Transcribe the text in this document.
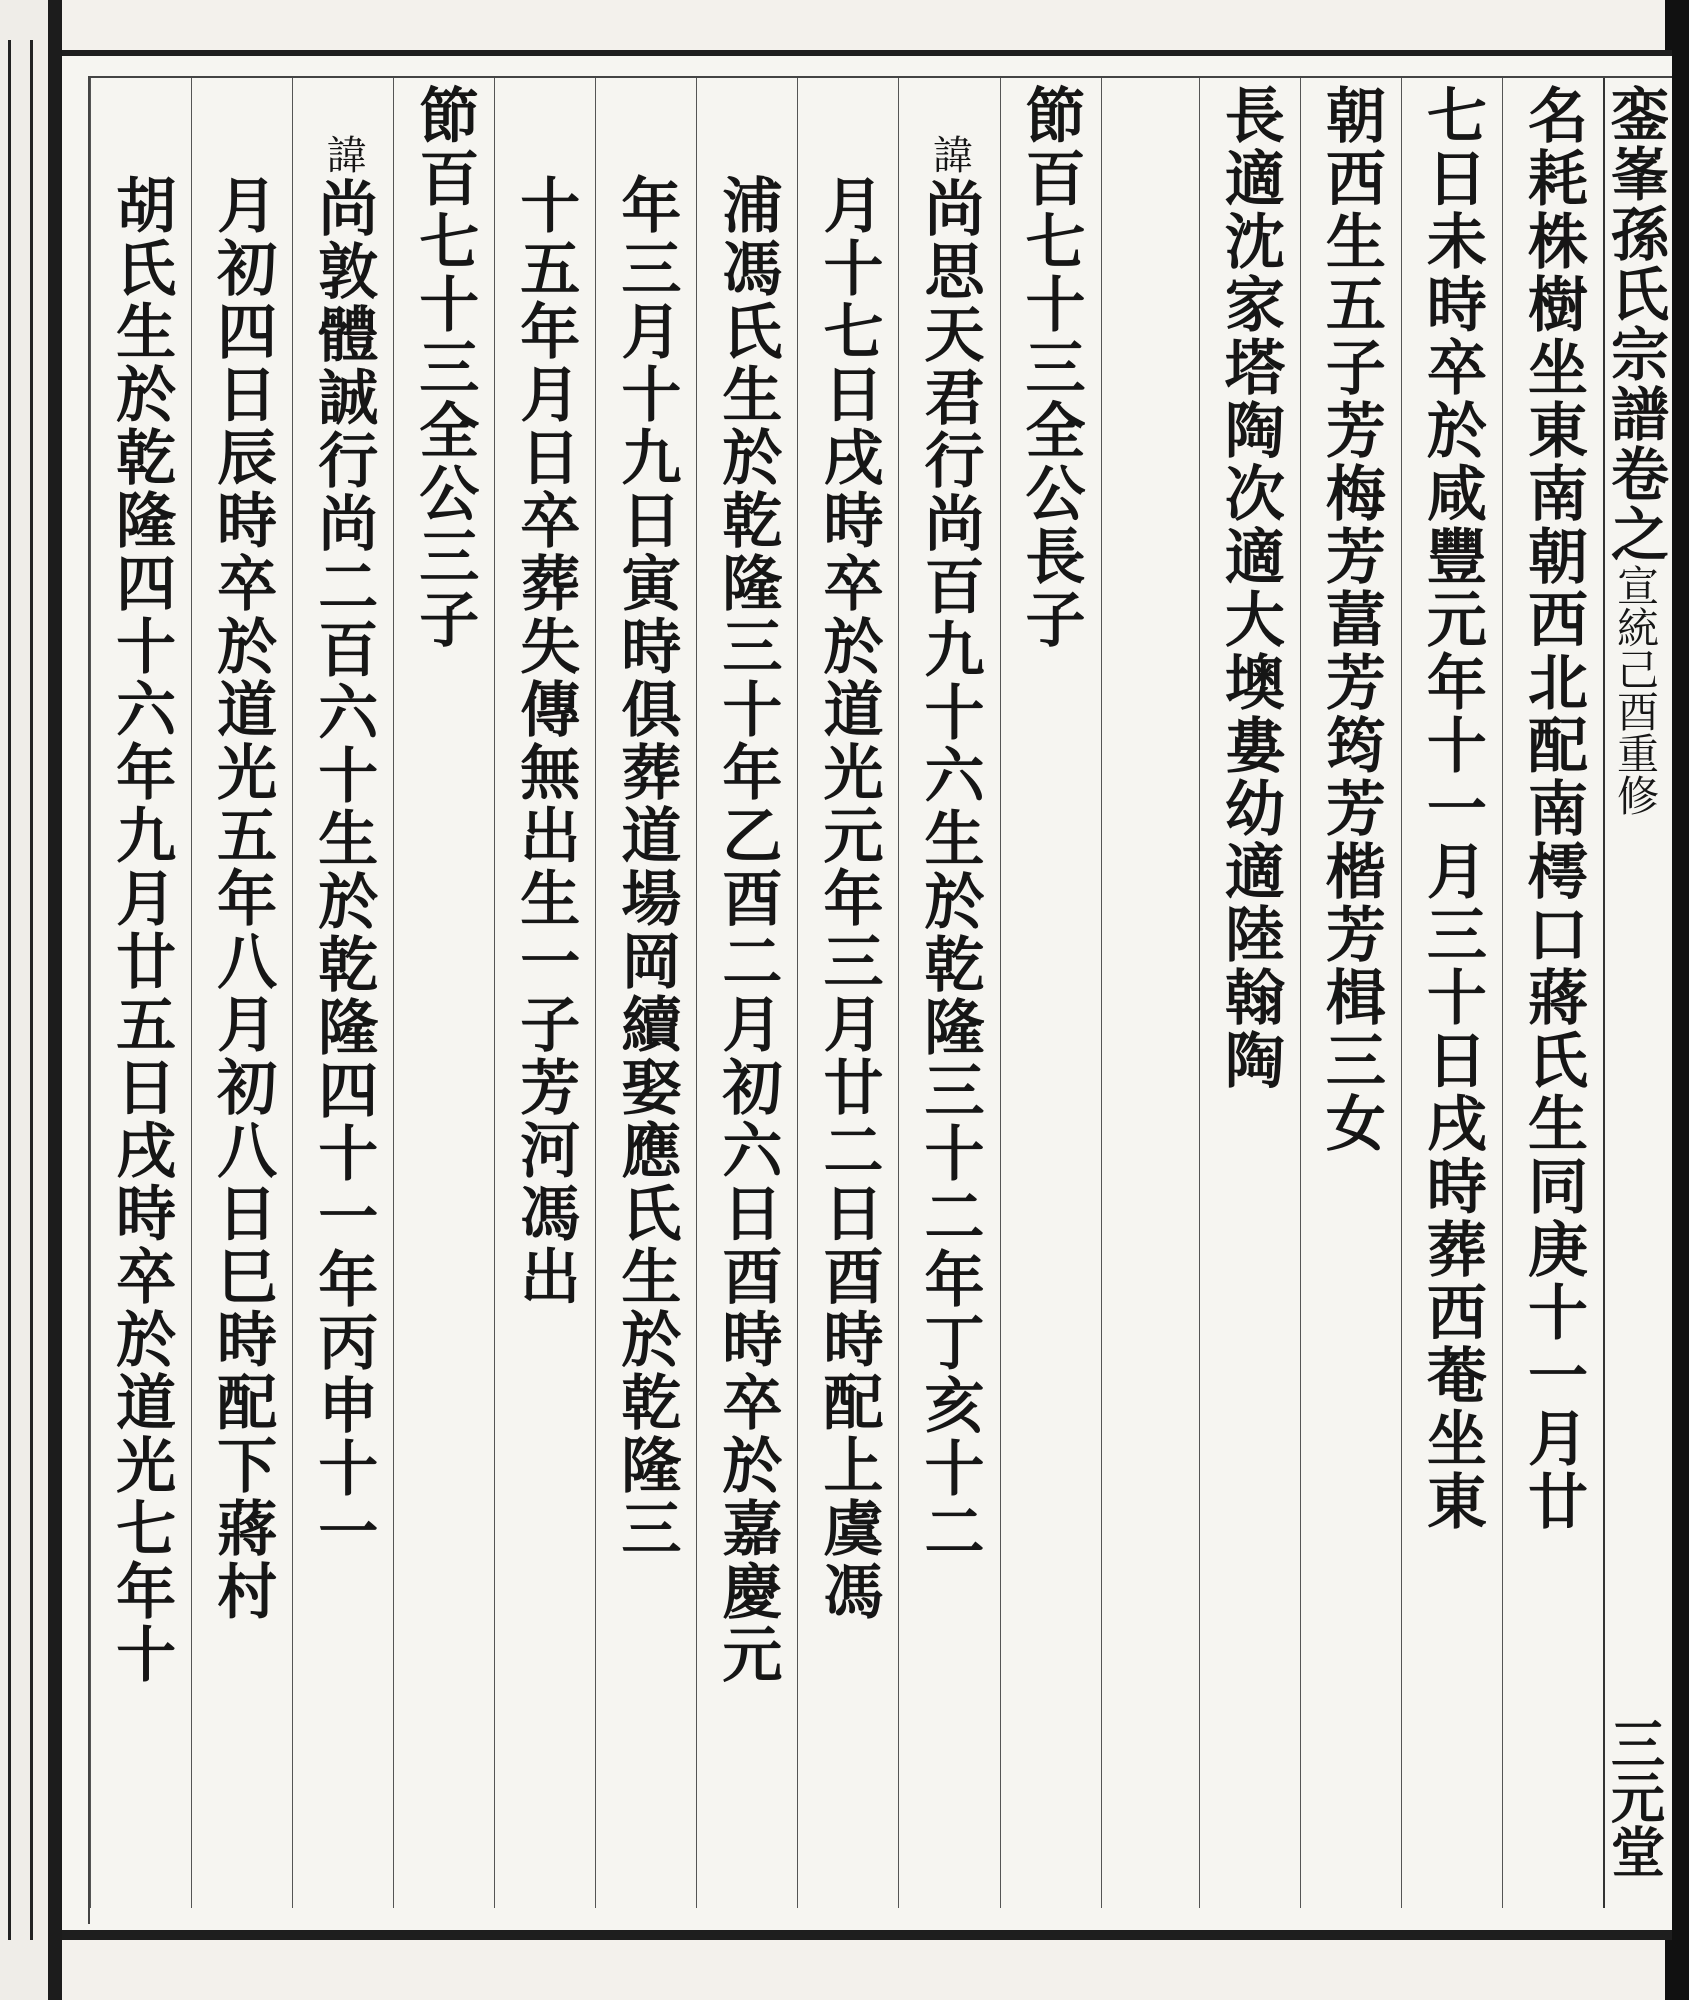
銮峯孫氏宗譜
卷之
宣統己酉重修
三元堂
名耗株樹坐東南朝西北配南樗口蔣氏生同庚十一月廿
七日未時卒於咸豐元年十一月三十日戌時葬西菴坐東
朝西生五子芳梅芳葍芳筠芳楷芳楫三女
長適沈家塔陶次適大墺婁幼適陸翰陶
節百七十三全公長子
諱
尚思天君行尚百九十六生於乾隆三十二年丁亥十二
月十七日戌時卒於道光元年三月廿二日酉時配上虞馮
浦馮氏生於乾隆三十年乙酉二月初六日酉時卒於嘉慶元
年三月十九日寅時俱葬道場岡續娶應氏生於乾隆三
十五年月日卒葬失傳無出生一子芳河馮出
節百七十三全公三子
諱
尚敦體誠行尚二百六十生於乾隆四十一年丙申十一
月初四日辰時卒於道光五年八月初八日巳時配下蔣村
胡氏生於乾隆四十六年九月廿五日戌時卒於道光七年十
